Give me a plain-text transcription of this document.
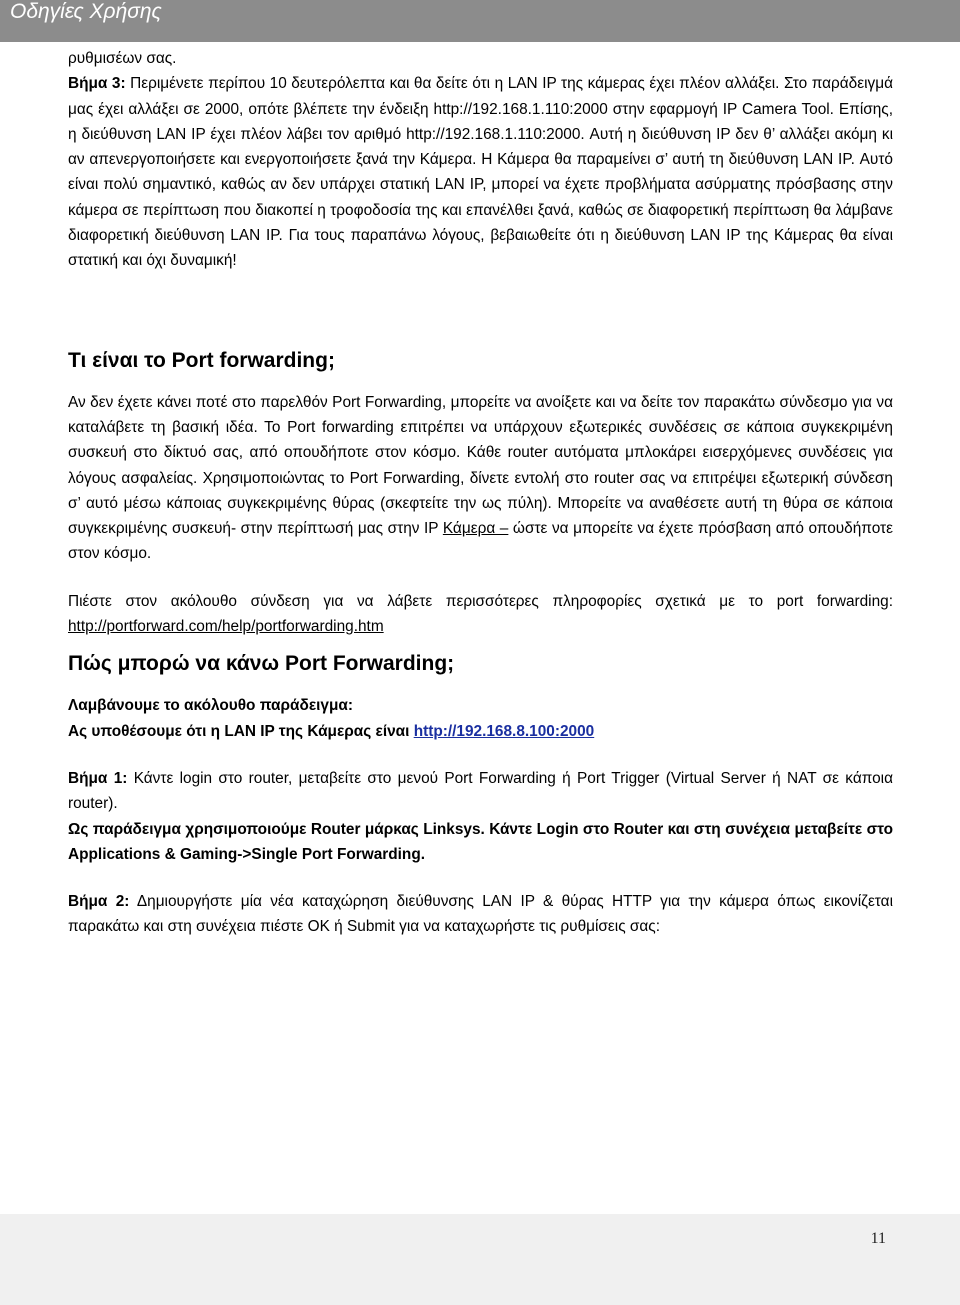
Οδηγίες Χρήσης

ρυθμισέων σας.

Βήμα 3: Περιμένετε περίπου 10 δευτερόλεπτα και θα δείτε ότι η LAN IP της κάμερας έχει πλέον αλλάξει. Στο παράδειγμά μας έχει αλλάξει σε 2000, οπότε βλέπετε την ένδειξη http://192.168.1.110:2000 στην εφαρμογή IP Camera Tool. Επίσης, η διεύθυνση LAN IP έχει πλέον λάβει τον αριθμό http://192.168.1.110:2000. Αυτή η διεύθυνση IP δεν θ’ αλλάξει ακόμη κι αν απενεργοποιήσετε και ενεργοποιήσετε ξανά την Κάμερα. Η Κάμερα θα παραμείνει σ’ αυτή τη διεύθυνση LAN IP. Αυτό είναι πολύ σημαντικό, καθώς αν δεν υπάρχει στατική LAN IP, μπορεί να έχετε προβλήματα ασύρματης πρόσβασης στην κάμερα σε περίπτωση που διακοπεί η τροφοδοσία της και επανέλθει ξανά, καθώς σε διαφορετική περίπτωση θα λάμβανε διαφορετική διεύθυνση LAN IP. Για τους παραπάνω λόγους, βεβαιωθείτε ότι η διεύθυνση LAN IP της Κάμερας θα είναι στατική και όχι δυναμική!

Τι είναι το Port forwarding;

Αν δεν έχετε κάνει ποτέ στο παρελθόν Port Forwarding, μπορείτε να ανοίξετε και να δείτε τον παρακάτω σύνδεσμο για να καταλάβετε τη βασική ιδέα. Το Port forwarding επιτρέπει να υπάρχουν εξωτερικές συνδέσεις σε κάποια συγκεκριμένη συσκευή στο δίκτυό σας, από οπουδήποτε στον κόσμο. Κάθε router αυτόματα μπλοκάρει εισερχόμενες συνδέσεις για λόγους ασφαλείας. Χρησιμοποιώντας το Port Forwarding, δίνετε εντολή στο router σας να επιτρέψει εξωτερική σύνδεση σ’ αυτό μέσω κάποιας συγκεκριμένης θύρας (σκεφτείτε την ως πύλη). Μπορείτε να αναθέσετε αυτή τη θύρα σε κάποια συγκεκριμένης συσκευή- στην περίπτωσή μας στην IP Κάμερα – ώστε να μπορείτε να έχετε πρόσβαση από οπουδήποτε στον κόσμο.

Πιέστε στον ακόλουθο σύνδεση για να λάβετε περισσότερες πληροφορίες σχετικά με το port forwarding: http://portforward.com/help/portforwarding.htm

Πώς μπορώ να κάνω Port Forwarding;

Λαμβάνουμε το ακόλουθο παράδειγμα:

Ας υποθέσουμε ότι η LAN IP της Κάμερας είναι http://192.168.8.100:2000

Βήμα 1: Κάντε login στο router, μεταβείτε στο μενού Port Forwarding ή Port Trigger (Virtual Server ή NAT σε κάποια router).

Ως παράδειγμα χρησιμοποιούμε Router μάρκας Linksys. Κάντε Login στο Router και στη συνέχεια μεταβείτε στο Applications & Gaming->Single Port Forwarding.

Βήμα 2: Δημιουργήστε μία νέα καταχώρηση διεύθυνσης LAN IP & θύρας HTTP για την κάμερα όπως εικονίζεται παρακάτω και στη συνέχεια πιέστε OK ή Submit για να καταχωρήστε τις ρυθμίσεις σας:

11
